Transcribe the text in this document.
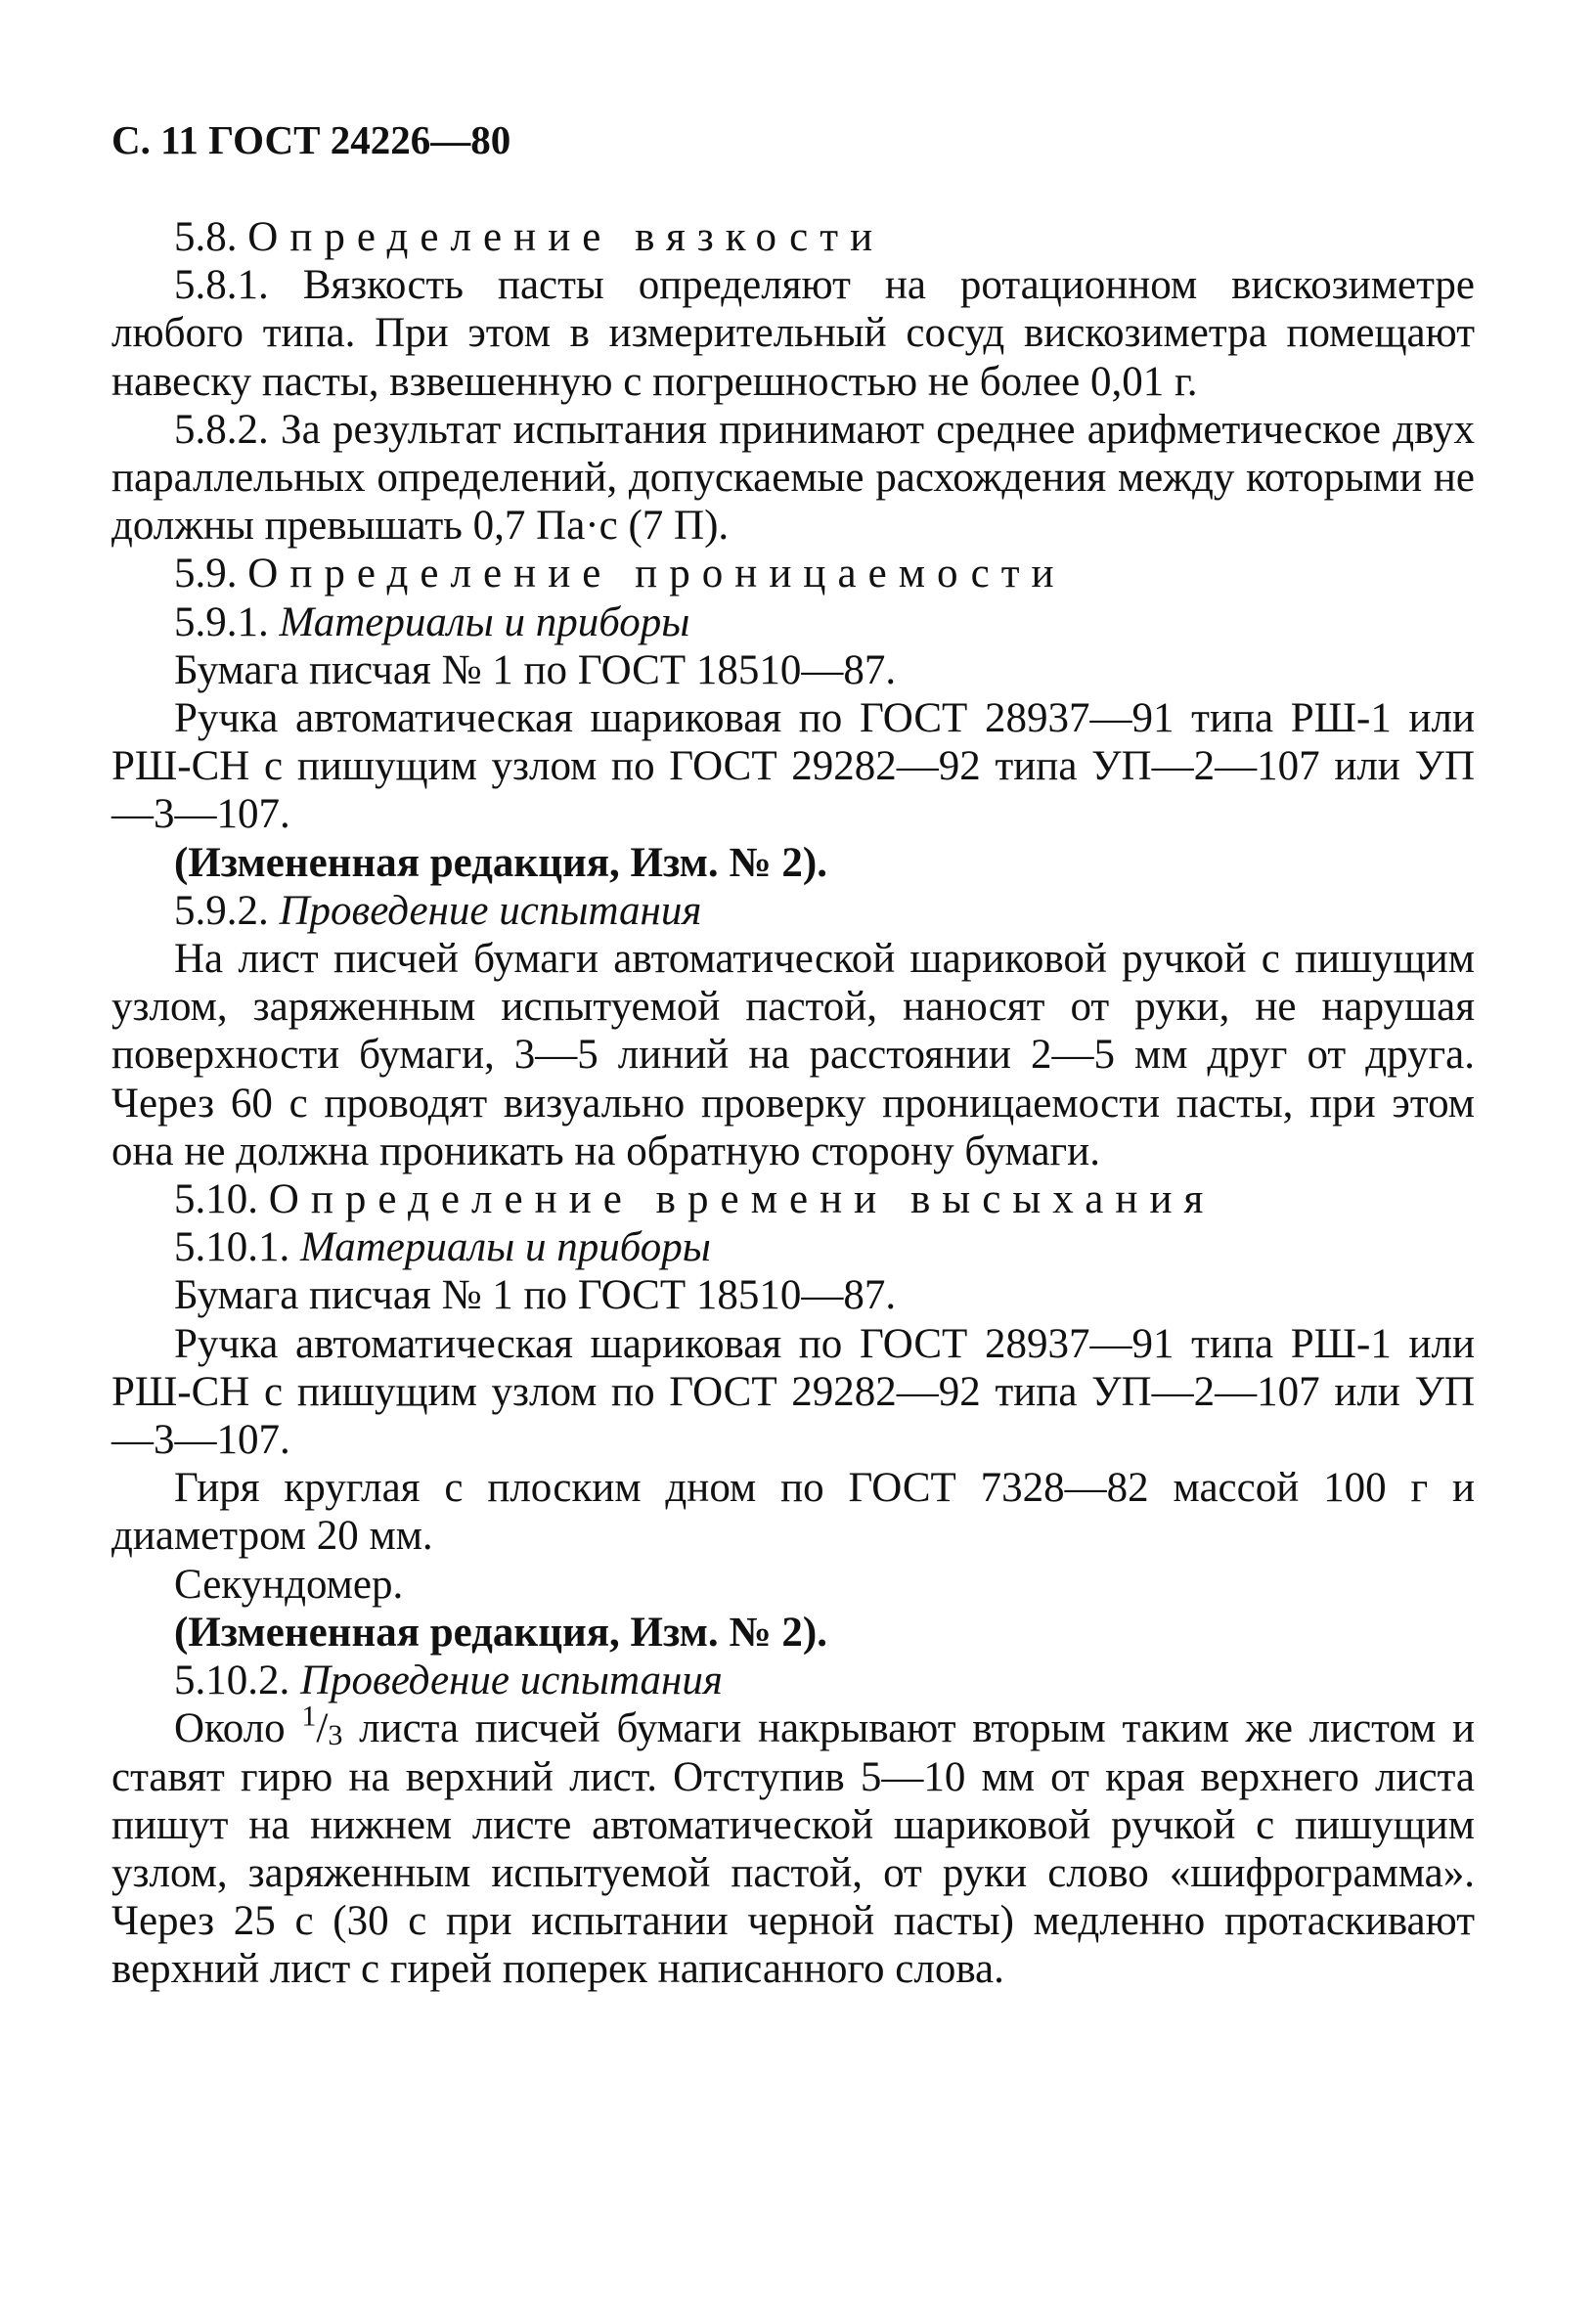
С. 11 ГОСТ 24226—80

5.8. Определение вязкости

5.8.1. Вязкость пасты определяют на ротационном вискозиметре любого типа. При этом в измерительный сосуд вискозиметра помещают навеску пасты, взвешенную с погрешностью не более 0,01 г.

5.8.2. За результат испытания принимают среднее арифметическое двух параллельных определений, допускаемые расхождения между которыми не должны превышать 0,7 Па·с (7 П).

5.9. Определение проницаемости

5.9.1. Материалы и приборы

Бумага писчая № 1 по ГОСТ 18510—87.

Ручка автоматическая шариковая по ГОСТ 28937—91 типа РШ-1 или РШ-СН с пишущим узлом по ГОСТ 29282—92 типа УП—2—107 или УП—3—107.

(Измененная редакция, Изм. № 2).

5.9.2. Проведение испытания

На лист писчей бумаги автоматической шариковой ручкой с пишущим узлом, заряженным испытуемой пастой, наносят от руки, не нарушая поверхности бумаги, 3—5 линий на расстоянии 2—5 мм друг от друга. Через 60 с проводят визуально проверку проницаемости пасты, при этом она не должна проникать на обратную сторону бумаги.

5.10. Определение времени высыхания

5.10.1. Материалы и приборы

Бумага писчая № 1 по ГОСТ 18510—87.

Ручка автоматическая шариковая по ГОСТ 28937—91 типа РШ-1 или РШ-СН с пишущим узлом по ГОСТ 29282—92 типа УП—2—107 или УП—3—107.

Гиря круглая с плоским дном по ГОСТ 7328—82 массой 100 г и диаметром 20 мм.

Секундомер.

(Измененная редакция, Изм. № 2).

5.10.2. Проведение испытания

Около $^1/_3$ листа писчей бумаги накрывают вторым таким же листом и ставят гирю на верхний лист. Отступив 5—10 мм от края верхнего листа пишут на нижнем листе автоматической шариковой ручкой с пишущим узлом, заряженным испытуемой пастой, от руки слово «шифрограмма». Через 25 с (30 с при испытании черной пасты) медленно протаскивают верхний лист с гирей поперек написанного слова.
